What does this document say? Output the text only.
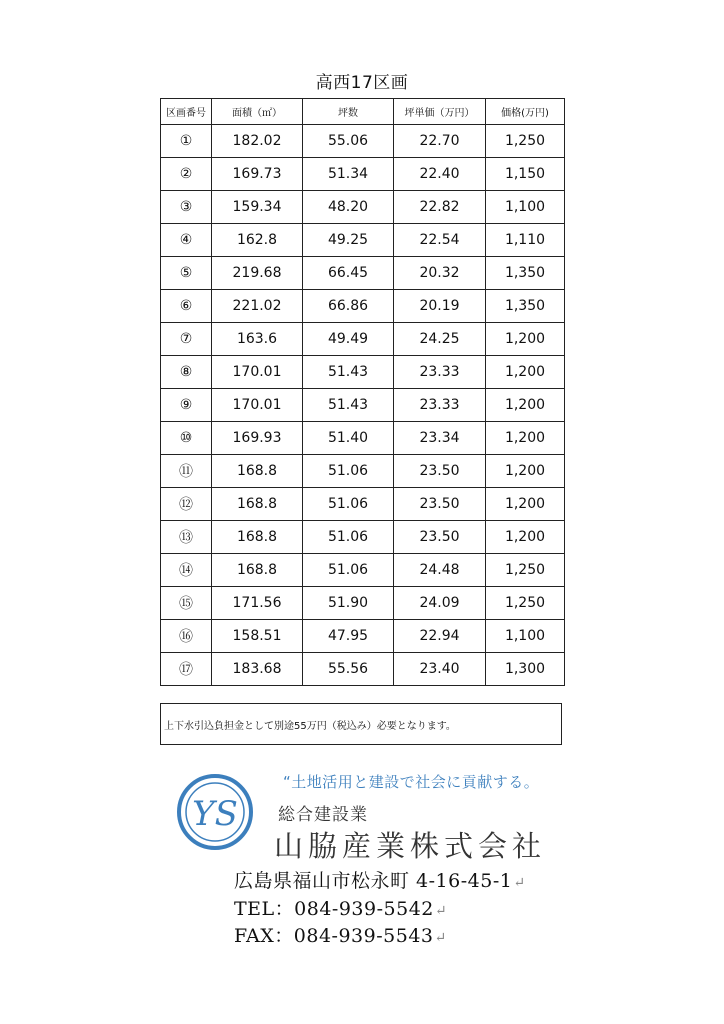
高西17区画
区画番号	面積（㎡）	坪数	坪単価（万円）	価格(万円)
①	182.02	55.06	22.70	1,250
②	169.73	51.34	22.40	1,150
③	159.34	48.20	22.82	1,100
④	162.8	49.25	22.54	1,110
⑤	219.68	66.45	20.32	1,350
⑥	221.02	66.86	20.19	1,350
⑦	163.6	49.49	24.25	1,200
⑧	170.01	51.43	23.33	1,200
⑨	170.01	51.43	23.33	1,200
⑩	169.93	51.40	23.34	1,200
⑪	168.8	51.06	23.50	1,200
⑫	168.8	51.06	23.50	1,200
⑬	168.8	51.06	23.50	1,200
⑭	168.8	51.06	24.48	1,250
⑮	171.56	51.90	24.09	1,250
⑯	158.51	47.95	22.94	1,100
⑰	183.68	55.56	23.40	1,300
上下水引込負担金として別途55万円（税込み）必要となります。
YS
“土地活用と建設で社会に貢献する。
総合建設業
山脇産業株式会社
広島県福山市松永町 4-16-45-1↵
TEL：084-939-5542↵
FAX：084-939-5543↵
